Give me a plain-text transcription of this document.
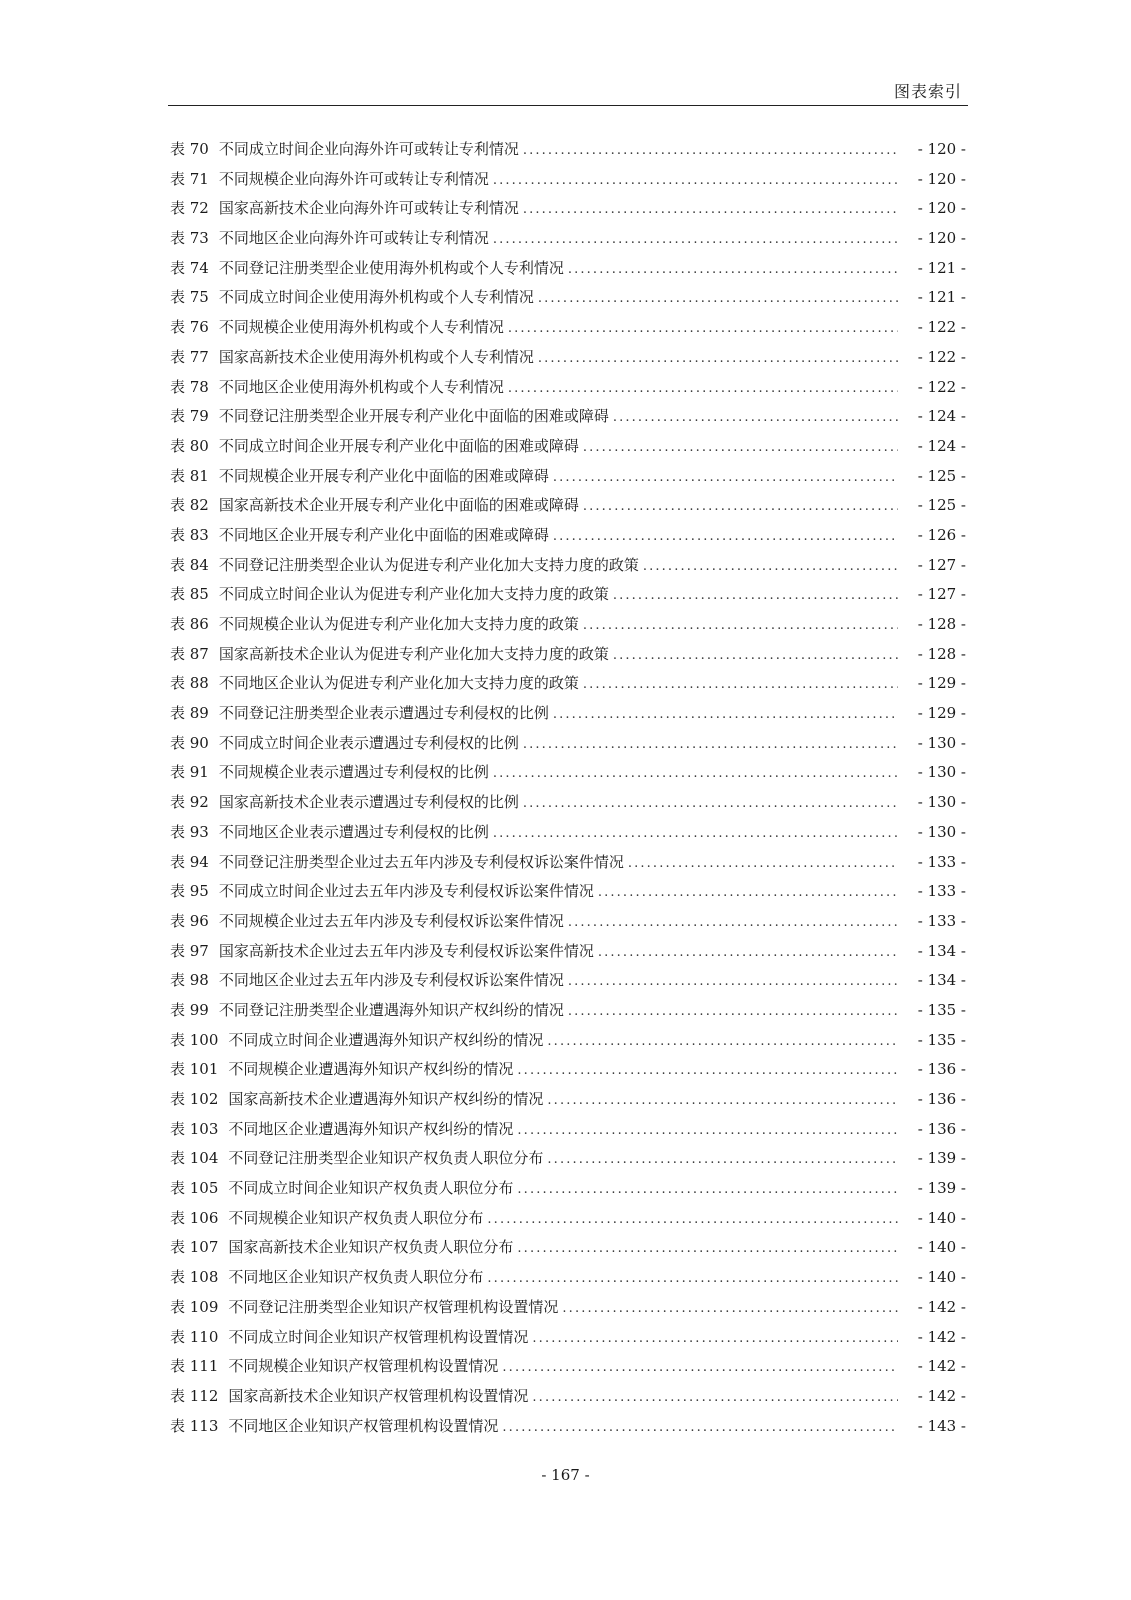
图表索引
表 70 不同成立时间企业向海外许可或转让专利情况 . . .	- 120 -
表 71 不同规模企业向海外许可或转让专利情况 . . .	- 120 -
表 72 国家高新技术企业向海外许可或转让专利情况 . . .	- 120 -
表 73 不同地区企业向海外许可或转让专利情况 . . .	- 120 -
表 74 不同登记注册类型企业使用海外机构或个人专利情况 . . .	- 121 -
表 75 不同成立时间企业使用海外机构或个人专利情况 . . .	- 121 -
表 76 不同规模企业使用海外机构或个人专利情况 . . .	- 122 -
表 77 国家高新技术企业使用海外机构或个人专利情况 . . .	- 122 -
表 78 不同地区企业使用海外机构或个人专利情况 . . .	- 122 -
表 79 不同登记注册类型企业开展专利产业化中面临的困难或障碍 . . .	- 124 -
表 80 不同成立时间企业开展专利产业化中面临的困难或障碍 . . .	- 124 -
表 81 不同规模企业开展专利产业化中面临的困难或障碍 . . .	- 125 -
表 82 国家高新技术企业开展专利产业化中面临的困难或障碍 . . .	- 125 -
表 83 不同地区企业开展专利产业化中面临的困难或障碍 . . .	- 126 -
表 84 不同登记注册类型企业认为促进专利产业化加大支持力度的政策 . . .	- 127 -
表 85 不同成立时间企业认为促进专利产业化加大支持力度的政策 . . .	- 127 -
表 86 不同规模企业认为促进专利产业化加大支持力度的政策 . . .	- 128 -
表 87 国家高新技术企业认为促进专利产业化加大支持力度的政策 . . .	- 128 -
表 88 不同地区企业认为促进专利产业化加大支持力度的政策 . . .	- 129 -
表 89 不同登记注册类型企业表示遭遇过专利侵权的比例 . . .	- 129 -
表 90 不同成立时间企业表示遭遇过专利侵权的比例 . . .	- 130 -
表 91 不同规模企业表示遭遇过专利侵权的比例 . . .	- 130 -
表 92 国家高新技术企业表示遭遇过专利侵权的比例 . . .	- 130 -
表 93 不同地区企业表示遭遇过专利侵权的比例 . . .	- 130 -
表 94 不同登记注册类型企业过去五年内涉及专利侵权诉讼案件情况 . . .	- 133 -
表 95 不同成立时间企业过去五年内涉及专利侵权诉讼案件情况 . . .	- 133 -
表 96 不同规模企业过去五年内涉及专利侵权诉讼案件情况 . . .	- 133 -
表 97 国家高新技术企业过去五年内涉及专利侵权诉讼案件情况 . . .	- 134 -
表 98 不同地区企业过去五年内涉及专利侵权诉讼案件情况 . . .	- 134 -
表 99 不同登记注册类型企业遭遇海外知识产权纠纷的情况 . . .	- 135 -
表 100 不同成立时间企业遭遇海外知识产权纠纷的情况 . . .	- 135 -
表 101 不同规模企业遭遇海外知识产权纠纷的情况 . . .	- 136 -
表 102 国家高新技术企业遭遇海外知识产权纠纷的情况 . . .	- 136 -
表 103 不同地区企业遭遇海外知识产权纠纷的情况 . . .	- 136 -
表 104 不同登记注册类型企业知识产权负责人职位分布 . . .	- 139 -
表 105 不同成立时间企业知识产权负责人职位分布 . . .	- 139 -
表 106 不同规模企业知识产权负责人职位分布 . . .	- 140 -
表 107 国家高新技术企业知识产权负责人职位分布 . . .	- 140 -
表 108 不同地区企业知识产权负责人职位分布 . . .	- 140 -
表 109 不同登记注册类型企业知识产权管理机构设置情况 . . .	- 142 -
表 110 不同成立时间企业知识产权管理机构设置情况 . . .	- 142 -
表 111 不同规模企业知识产权管理机构设置情况 . . .	- 142 -
表 112 国家高新技术企业知识产权管理机构设置情况 . . .	- 142 -
表 113 不同地区企业知识产权管理机构设置情况 . . .	- 143 -
- 167 -
